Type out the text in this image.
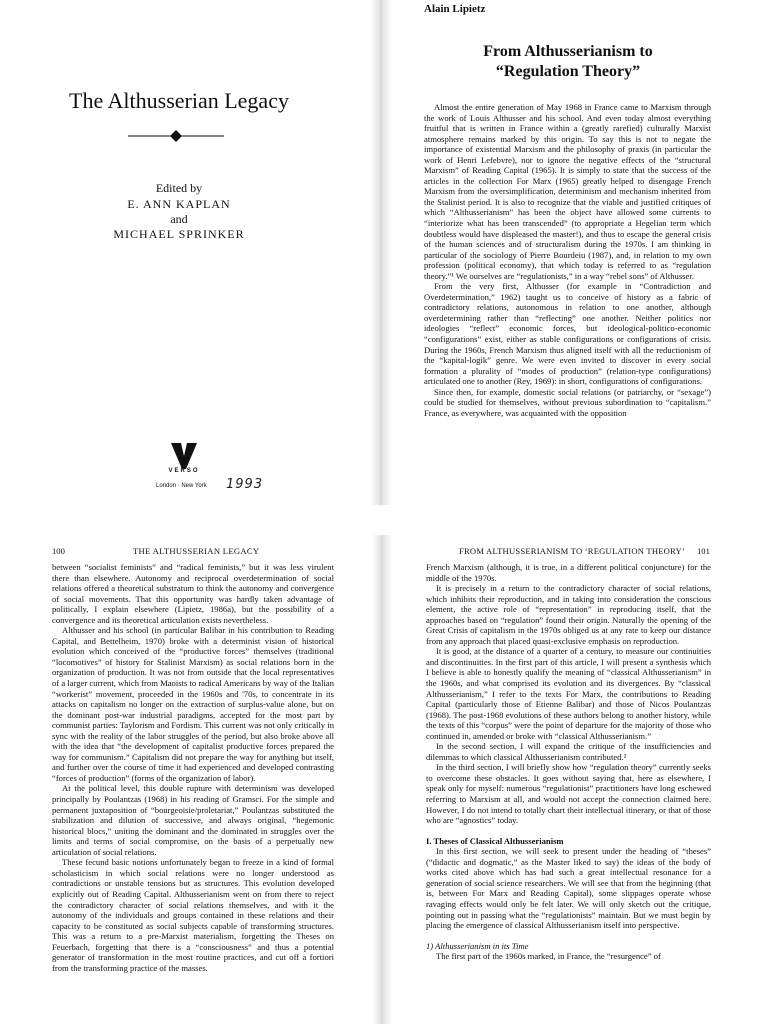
The Althusserian Legacy
Edited by
E. ANN KAPLAN
and
MICHAEL SPRINKER
VERSO
London · New York 1993
Alain Lipietz
From Althusserianism to
“Regulation Theory”

Almost the entire generation of May 1968 in France came to Marxism through the work of Louis Althusser and his school. And even today almost everything fruitful that is written in France within a (greatly rarefied) culturally Marxist atmosphere remains marked by this origin. To say this is not to negate the importance of existential Marxism and the philosophy of praxis (in particular the work of Henri Lefebvre), nor to ignore the negative effects of the “structural Marxism” of Reading Capital (1965). It is simply to state that the success of the articles in the collection For Marx (1965) greatly helped to disengage French Marxism from the oversimplification, determinism and mechanism inherited from the Stalinist period. It is also to recognize that the viable and justified critiques of which “Althusserianism” has been the object have allowed some currents to “interiorize what has been transcended” (to appropriate a Hegelian term which doubtless would have displeased the master!), and thus to escape the general crisis of the human sciences and of structuralism during the 1970s. I am thinking in particular of the sociology of Pierre Bourdeiu (1987), and, in relation to my own profession (political economy), that which today is referred to as “regulation theory.”¹ We ourselves are “regulationists,” in a way “rebel sons” of Althusser.

From the very first, Althusser (for example in “Contradiction and Overdetermination,” 1962) taught us to conceive of history as a fabric of contradictory relations, autonomous in relation to one another, although overdetermining rather than “reflecting” one another. Neither politics nor ideologies “reflect” economic forces, but ideological-politico-economic “configurations” exist, either as stable configurations or configurations of crisis. During the 1960s, French Marxism thus aligned itself with all the reductionism of the “kapital-logik” genre. We were even invited to discover in every social formation a plurality of “modes of production” (relation-type configurations) articulated one to another (Rey, 1969): in short, configurations of configurations.

Since then, for example, domestic social relations (or patriarchy, or “sexage”) could be studied for themselves, without previous subordination to “capitalism.” France, as everywhere, was acquainted with the opposition

100	THE ALTHUSSERIAN LEGACY

between “socialist feminists” and “radical feminists,” but it was less virulent there than elsewhere. Autonomy and reciprocal overdetermination of social relations offered a theoretical substratum to think the autonomy and convergence of social movements. That this opportunity was hardly taken advantage of politically, I explain elsewhere (Lipietz, 1986a), but the possibility of a convergence and its theoretical articulation exists nevertheless.

Althusser and his school (in particular Balibar in his contribution to Reading Capital, and Bettelheim, 1970) broke with a determinist vision of historical evolution which conceived of the “productive forces” themselves (traditional “locomotives” of history for Stalinist Marxism) as social relations born in the organization of production. It was not from outside that the local representatives of a larger current, which from Maoists to radical Americans by way of the Italian “workerist” movement, proceeded in the 1960s and '70s, to concentrate in its attacks on capitalism no longer on the extraction of surplus-value alone, but on the dominant post-war industrial paradigms, accepted for the most part by communist parties: Taylorism and Fordism. This current was not only critically in sync with the reality of the labor struggles of the period, but also broke above all with the idea that “the development of capitalist productive forces prepared the way for communism.” Capitalism did not prepare the way for anything but itself, and further over the course of time it had experienced and developed contrasting “forces of production” (forms of the organization of labor).

At the political level, this double rupture with determinism was developed principally by Poulantzas (1968) in his reading of Gramsci. For the simple and permanent juxtaposition of “bourgeoisie/proletariat,” Poulantzas substituted the stabilization and dilution of successive, and always original, “hegemonic historical blocs,” uniting the dominant and the dominated in struggles over the limits and terms of social compromise, on the basis of a perpetually new articulation of social relations.

These fecund basic notions unfortunately began to freeze in a kind of formal scholasticism in which social relations were no longer understood as contradictions or unstable tensions but as structures. This evolution developed explicitly out of Reading Capital. Althusserianism went on from there to reject the contradictory character of social relations themselves, and with it the autonomy of the individuals and groups contained in these relations and their capacity to be constituted as social subjects capable of transforming structures. This was a return to a pre-Marxist materialism, forgetting the Theses on Feuerbach, forgetting that there is a “consciousness” and thus a potential generator of transformation in the most routine practices, and cut off a fortiori from the transforming practice of the masses.

FROM ALTHUSSERIANISM TO ‘REGULATION THEORY’ 101

French Marxism (although, it is true, in a different political conjuncture) for the middle of the 1970s.

It is precisely in a return to the contradictory character of social relations, which inhibits their reproduction, and in taking into consideration the conscious element, the active role of “representation” in reproducing itself, that the approaches based on “regulation” found their origin. Naturally the opening of the Great Crisis of capitalism in the 1970s obliged us at any rate to keep our distance from any approach that placed quasi-exclusive emphasis on reproduction.

It is good, at the distance of a quarter of a century, to measure our continuities and discontinuities. In the first part of this article, I will present a synthesis which I believe is able to honestly qualify the meaning of “classical Althusserianism” in the 1960s, and what comprised its evolution and its divergences. By “classical Althusserianism,” I refer to the texts For Marx, the contributions to Reading Capital (particularly those of Etienne Balibar) and those of Nicos Poulantzas (1968). The post-1968 evolutions of these authors belong to another history, while the texts of this “corpus” were the point of departure for the majority of those who continued in, amended or broke with “classical Althusserianism.”

In the second section, I will expand the critique of the insufficiencies and dilemmas to which classical Althusserianism contributed.²

In the third section, I will briefly show how “regulation theory” currently seeks to overcome these obstacles. It goes without saying that, here as elsewhere, I speak only for myself: numerous “regulationist” practitioners have long eschewed referring to Marxism at all, and would not accept the connection claimed here. However, I do not intend to totally chart their intellectual itinerary, or that of those who are “agnostics” today.

I. Theses of Classical Althusserianism

In this first section, we will seek to present under the heading of “theses” (“didactic and dogmatic,” as the Master liked to say) the ideas of the body of works cited above which has had such a great intellectual resonance for a generation of social science researchers. We will see that from the beginning (that is, between For Marx and Reading Capital), some slippages operate whose ravaging effects would only be felt later. We will only sketch out the critique, pointing out in passing what the “regulationists” maintain. But we must begin by placing the emergence of classical Althusserianism itself into perspective.

1) Althusserianism in its Time

The first part of the 1960s marked, in France, the “resurgence” of
